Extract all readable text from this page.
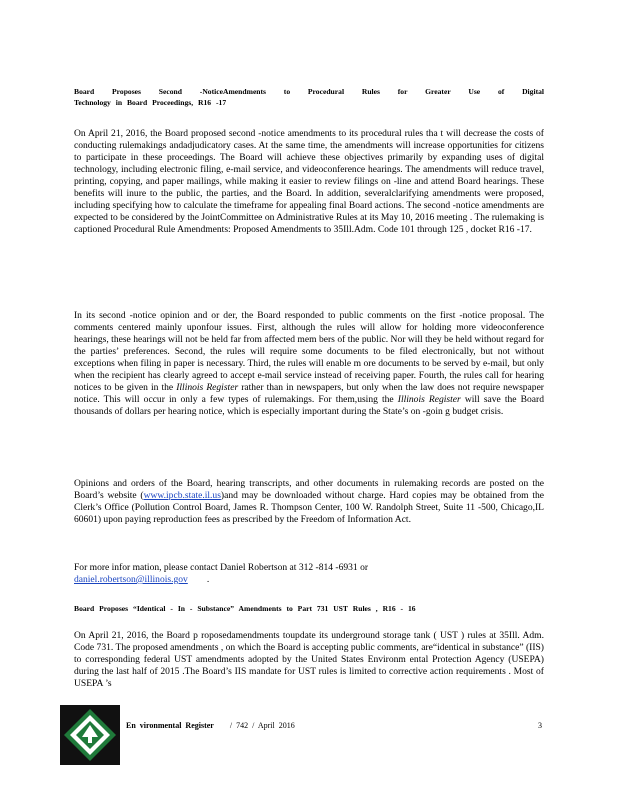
Board Proposes Second -NoticeAmendments to Procedural Rules for Greater Use of Digital
Technology in Board Proceedings, R16 -17
On April 21, 2016, the Board proposed second -notice amendments to its procedural rules tha t will decrease the costs of conducting rulemakings andadjudicatory cases. At the same time, the amendments will increase opportunities for citizens to participate in these proceedings. The Board will achieve these objectives primarily by expanding uses of digital technology, including electronic filing, e-mail service, and videoconference hearings. The amendments will reduce travel, printing, copying, and paper mailings, while making it easier to review filings on -line and attend Board hearings. These benefits will inure to the public, the parties, and the Board. In addition, severalclarifying amendments were proposed, including specifying how to calculate the timeframe for appealing final Board actions. The second -notice amendments are expected to be considered by the JointCommittee on Administrative Rules at its May 10, 2016 meeting . The rulemaking is captioned Procedural Rule Amendments: Proposed Amendments to 35Ill.Adm. Code 101 through 125 , docket R16 -17.
In its second -notice opinion and or der, the Board responded to public comments on the first -notice proposal. The comments centered mainly uponfour issues. First, although the rules will allow for holding more videoconference hearings, these hearings will not be held far from affected mem bers of the public. Nor will they be held without regard for the parties’ preferences. Second, the rules will require some documents to be filed electronically, but not without exceptions when filing in paper is necessary. Third, the rules will enable m ore documents to be served by e-mail, but only when the recipient has clearly agreed to accept e-mail service instead of receiving paper. Fourth, the rules call for hearing notices to be given in the Illinois Register rather than in newspapers, but only when the law does not require newspaper notice. This will occur in only a few types of rulemakings. For them,using the Illinois Register will save the Board thousands of dollars per hearing notice, which is especially important during the State’s on -goin g budget crisis.
Opinions and orders of the Board, hearing transcripts, and other documents in rulemaking records are posted on the Board’s website (www.ipcb.state.il.us)and may be downloaded without charge. Hard copies may be obtained from the Clerk’s Office (Pollution Control Board, James R. Thompson Center, 100 W. Randolph Street, Suite 11 -500, Chicago,IL 60601) upon paying reproduction fees as prescribed by the Freedom of Information Act.
For more infor mation, please contact Daniel Robertson at 312 -814 -6931 or
daniel.robertson@illinois.gov .
Board Proposes “Identical - In - Substance” Amendments to Part 731 UST Rules , R16 - 16
On April 21, 2016, the Board p roposedamendments toupdate its underground storage tank ( UST ) rules at 35Ill. Adm. Code 731. The proposed amendments , on which the Board is accepting public comments, are“identical in substance” (IIS) to corresponding federal UST amendments adopted by the United States Environm ental Protection Agency (USEPA) during the last half of 2015 .The Board’s IIS mandate for UST rules is limited to corrective action requirements . Most of USEPA ’s
En vironmental Register / 742 / April 2016	3
